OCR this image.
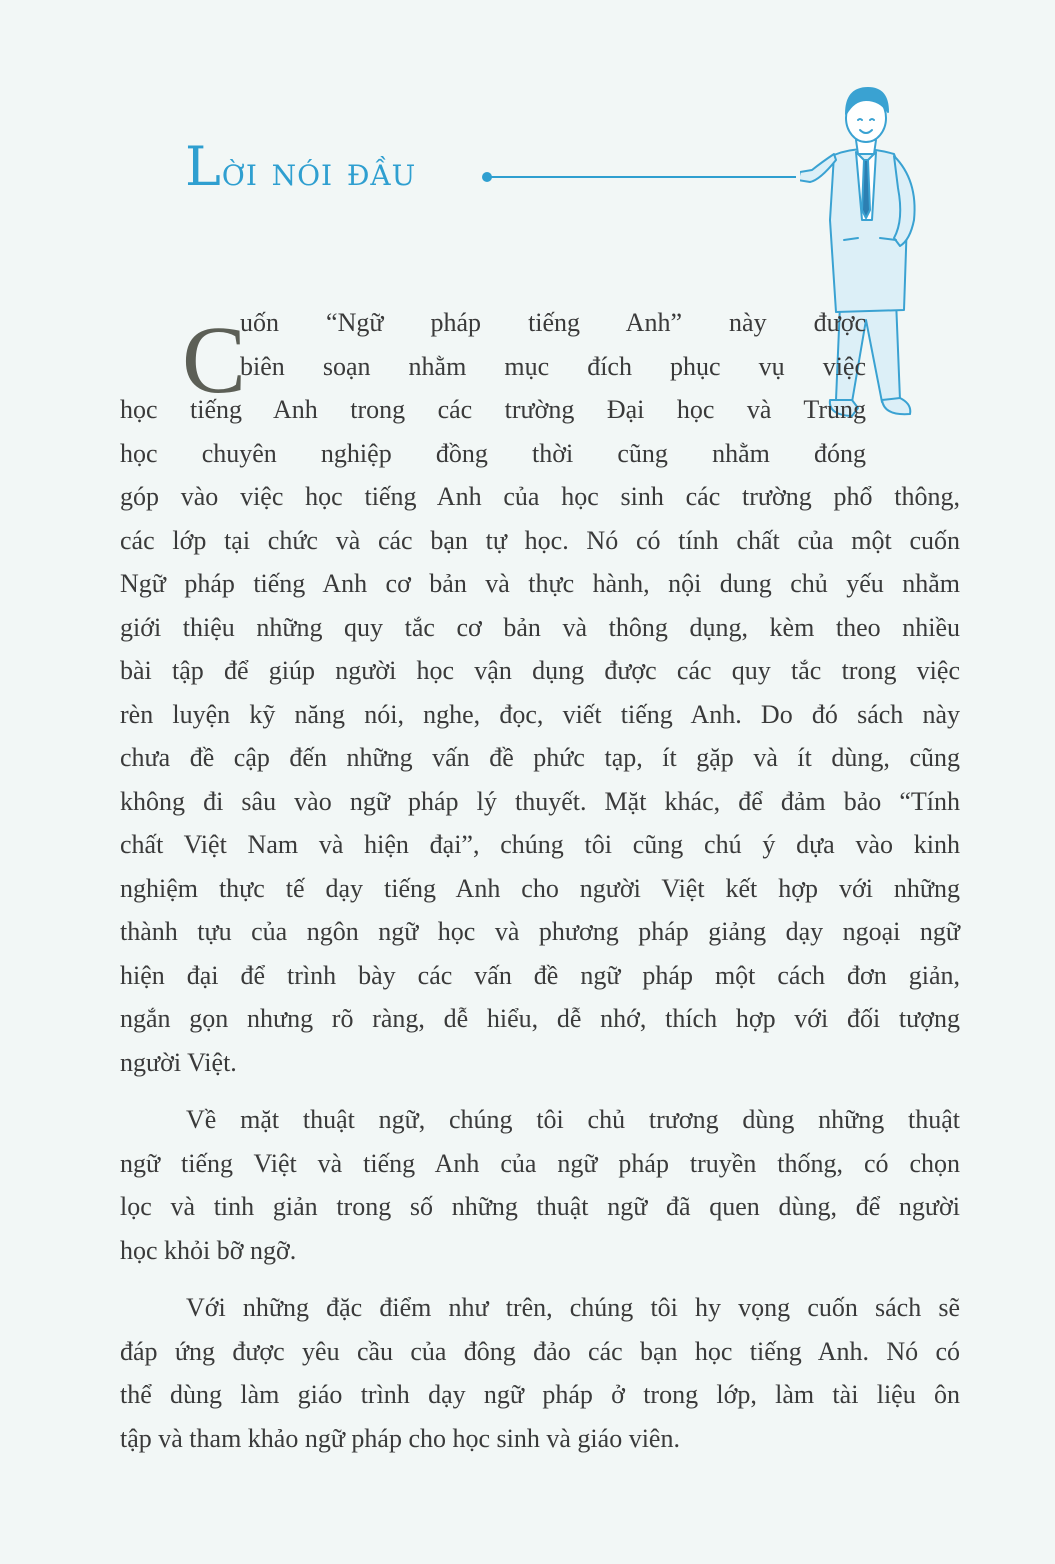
Lời nói đầu
C
uốn “Ngữ pháp tiếng Anh” này được
biên soạn nhằm mục đích phục vụ việc
học tiếng Anh trong các trường Đại học và Trung
học chuyên nghiệp đồng thời cũng nhằm đóng
góp vào việc học tiếng Anh của học sinh các trường phổ thông,
các lớp tại chức và các bạn tự học. Nó có tính chất của một cuốn
Ngữ pháp tiếng Anh cơ bản và thực hành, nội dung chủ yếu nhằm
giới thiệu những quy tắc cơ bản và thông dụng, kèm theo nhiều
bài tập để giúp người học vận dụng được các quy tắc trong việc
rèn luyện kỹ năng nói, nghe, đọc, viết tiếng Anh. Do đó sách này
chưa đề cập đến những vấn đề phức tạp, ít gặp và ít dùng, cũng
không đi sâu vào ngữ pháp lý thuyết. Mặt khác, để đảm bảo “Tính
chất Việt Nam và hiện đại”, chúng tôi cũng chú ý dựa vào kinh
nghiệm thực tế dạy tiếng Anh cho người Việt kết hợp với những
thành tựu của ngôn ngữ học và phương pháp giảng dạy ngoại ngữ
hiện đại để trình bày các vấn đề ngữ pháp một cách đơn giản,
ngắn gọn nhưng rõ ràng, dễ hiểu, dễ nhớ, thích hợp với đối tượng
người Việt.
Về mặt thuật ngữ, chúng tôi chủ trương dùng những thuật
ngữ tiếng Việt và tiếng Anh của ngữ pháp truyền thống, có chọn
lọc và tinh giản trong số những thuật ngữ đã quen dùng, để người
học khỏi bỡ ngỡ.
Với những đặc điểm như trên, chúng tôi hy vọng cuốn sách sẽ
đáp ứng được yêu cầu của đông đảo các bạn học tiếng Anh. Nó có
thể dùng làm giáo trình dạy ngữ pháp ở trong lớp, làm tài liệu ôn
tập và tham khảo ngữ pháp cho học sinh và giáo viên.
